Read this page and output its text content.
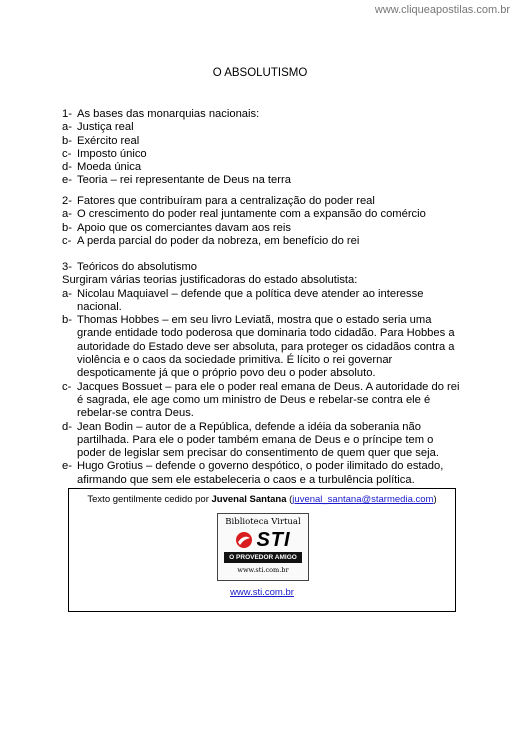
www.cliqueapostilas.com.br
O ABSOLUTISMO
1- As bases das monarquias nacionais:
a- Justiça real
b- Exército real
c- Imposto único
d- Moeda única
e- Teoria – rei representante de Deus na terra
2- Fatores que contribuíram para a centralização do poder real
a- O crescimento do poder real juntamente com a expansão do comércio
b- Apoio que os comerciantes davam aos reis
c- A perda parcial do poder da nobreza, em benefício do rei
3- Teóricos do absolutismo
Surgiram várias teorias justificadoras do estado absolutista:
a- Nicolau Maquiavel – defende que a política deve atender ao interesse nacional.
b- Thomas Hobbes – em seu livro Leviatã, mostra que o estado seria uma grande entidade todo poderosa que dominaria todo cidadão. Para Hobbes a autoridade do Estado deve ser absoluta, para proteger os cidadãos contra a violência e o caos da sociedade primitiva. É lícito o rei governar despoticamente já que o próprio povo deu o poder absoluto.
c- Jacques Bossuet – para ele o poder real emana de Deus. A autoridade do rei é sagrada, ele age como um ministro de Deus e rebelar-se contra ele é rebelar-se contra Deus.
d- Jean Bodin – autor de a República, defende a idéia da soberania não partilhada. Para ele o poder também emana de Deus e o príncipe tem o poder de legislar sem precisar do consentimento de quem quer que seja.
e- Hugo Grotius – defende o governo despótico, o poder ilimitado do estado, afirmando que sem ele estabeleceria o caos e a turbulência política.
Texto gentilmente cedido por Juvenal Santana (juvenal_santana@starmedia.com)
Biblioteca Virtual
STI
O PROVEDOR AMIGO
www.sti.com.br
www.sti.com.br
